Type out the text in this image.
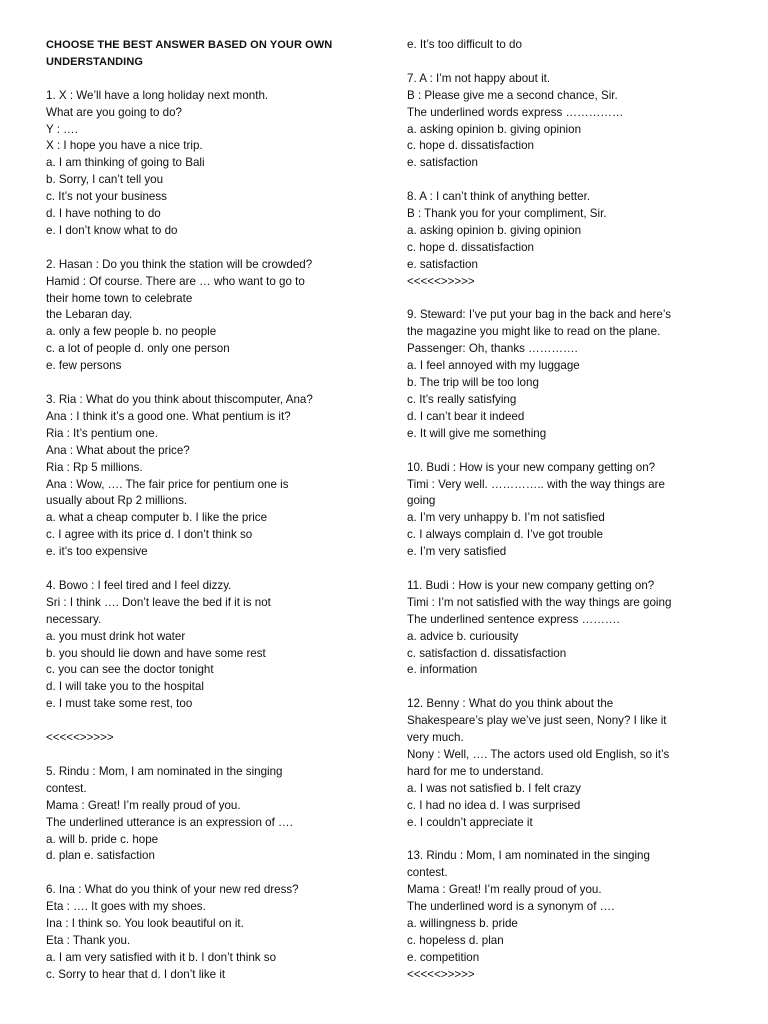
CHOOSE THE BEST ANSWER BASED ON YOUR OWN
UNDERSTANDING
1. X : We’ll have a long holiday next month.
What are you going to do?
Y : ….
X : I hope you have a nice trip.
a. I am thinking of going to Bali
b. Sorry, I can’t tell you
c. It’s not your business
d. I have nothing to do
e. I don’t know what to do
2. Hasan : Do you think the station will be crowded?
Hamid : Of course. There are … who want to go to
their home town to celebrate
the Lebaran day.
a. only a few people b. no people
c. a lot of people d. only one person
e. few persons
3. Ria : What do you think about thiscomputer, Ana?
Ana : I think it’s a good one. What pentium is it?
Ria : It’s pentium one.
Ana : What about the price?
Ria : Rp 5 millions.
Ana : Wow, …. The fair price for pentium one is
usually about Rp 2 millions.
a. what a cheap computer b. I like the price
c. I agree with its price d. I don’t think so
e. it’s too expensive
4. Bowo : I feel tired and I feel dizzy.
Sri : I think …. Don’t leave the bed if it is not
necessary.
a. you must drink hot water
b. you should lie down and have some rest
c. you can see the doctor tonight
d. I will take you to the hospital
e. I must take some rest, too
<<<<<>>>>>
5. Rindu : Mom, I am nominated in the singing
contest.
Mama : Great! I’m really proud of you.
The underlined utterance is an expression of ….
a. will b. pride c. hope
d. plan e. satisfaction
6. Ina : What do you think of your new red dress?
Eta : …. It goes with my shoes.
Ina : I think so. You look beautiful on it.
Eta : Thank you.
a. I am very satisfied with it b. I don’t think so
c. Sorry to hear that d. I don’t like it
e. It’s too difficult to do
7. A : I’m not happy about it.
B : Please give me a second chance, Sir.
The underlined words express ……………
a. asking opinion b. giving opinion
c. hope d. dissatisfaction
e. satisfaction
8. A : I can’t think of anything better.
B : Thank you for your compliment, Sir.
a. asking opinion b. giving opinion
c. hope d. dissatisfaction
e. satisfaction
<<<<<>>>>>
9. Steward: I’ve put your bag in the back and here’s
the magazine you might like to read on the plane.
Passenger: Oh, thanks ………….
a. I feel annoyed with my luggage
b. The trip will be too long
c. It’s really satisfying
d. I can’t bear it indeed
e. It will give me something
10. Budi : How is your new company getting on?
Timi : Very well. ………….. with the way things are
going
a. I’m very unhappy b. I’m not satisfied
c. I always complain d. I’ve got trouble
e. I’m very satisfied
11. Budi : How is your new company getting on?
Timi : I’m not satisfied with the way things are going
The underlined sentence express ……….
a. advice b. curiousity
c. satisfaction d. dissatisfaction
e. information
12. Benny : What do you think about the
Shakespeare’s play we’ve just seen, Nony? I like it
very much.
Nony : Well, …. The actors used old English, so it’s
hard for me to understand.
a. I was not satisfied b. I felt crazy
c. I had no idea d. I was surprised
e. I couldn’t appreciate it
13. Rindu : Mom, I am nominated in the singing
contest.
Mama : Great! I’m really proud of you.
The underlined word is a synonym of ….
a. willingness b. pride
c. hopeless d. plan
e. competition
<<<<<>>>>>
